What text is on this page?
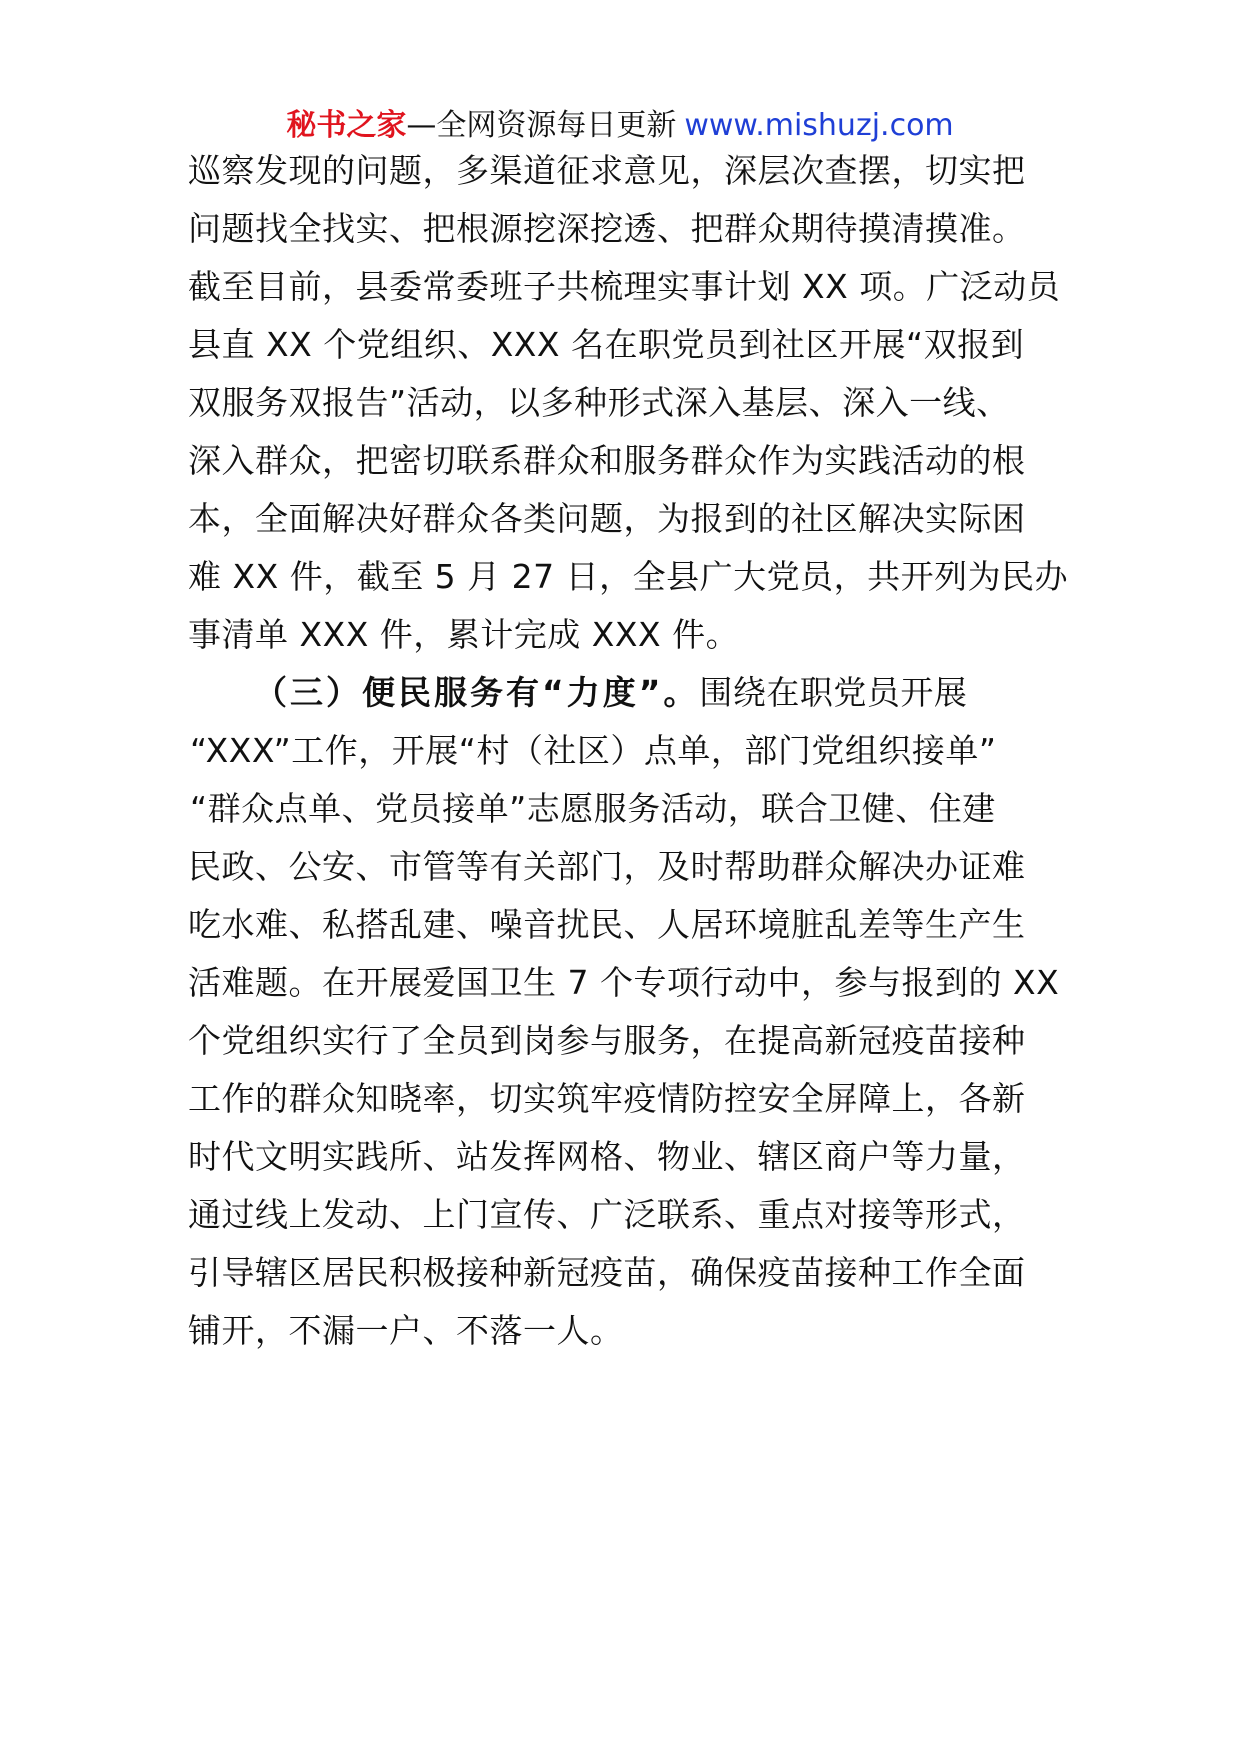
秘书之家—全网资源每日更新 www.mishuzj.com
巡察发现的问题，多渠道征求意见，深层次查摆，切实把
问题找全找实、把根源挖深挖透、把群众期待摸清摸准。
截至目前，县委常委班子共梳理实事计划 XX 项。广泛动员
县直 XX 个党组织、XXX 名在职党员到社区开展“双报到
双服务双报告”活动，以多种形式深入基层、深入一线、
深入群众，把密切联系群众和服务群众作为实践活动的根
本，全面解决好群众各类问题，为报到的社区解决实际困
难 XX 件，截至 5 月 27 日，全县广大党员，共开列为民办
事清单 XXX 件，累计完成 XXX 件。
（三）便民服务有“力度”。围绕在职党员开展
“XXX”工作，开展“村（社区）点单，部门党组织接单”
“群众点单、党员接单”志愿服务活动，联合卫健、住建
民政、公安、市管等有关部门，及时帮助群众解决办证难
吃水难、私搭乱建、噪音扰民、人居环境脏乱差等生产生
活难题。在开展爱国卫生 7 个专项行动中，参与报到的 XX
个党组织实行了全员到岗参与服务，在提高新冠疫苗接种
工作的群众知晓率，切实筑牢疫情防控安全屏障上，各新
时代文明实践所、站发挥网格、物业、辖区商户等力量，
通过线上发动、上门宣传、广泛联系、重点对接等形式，
引导辖区居民积极接种新冠疫苗，确保疫苗接种工作全面
铺开，不漏一户、不落一人。
